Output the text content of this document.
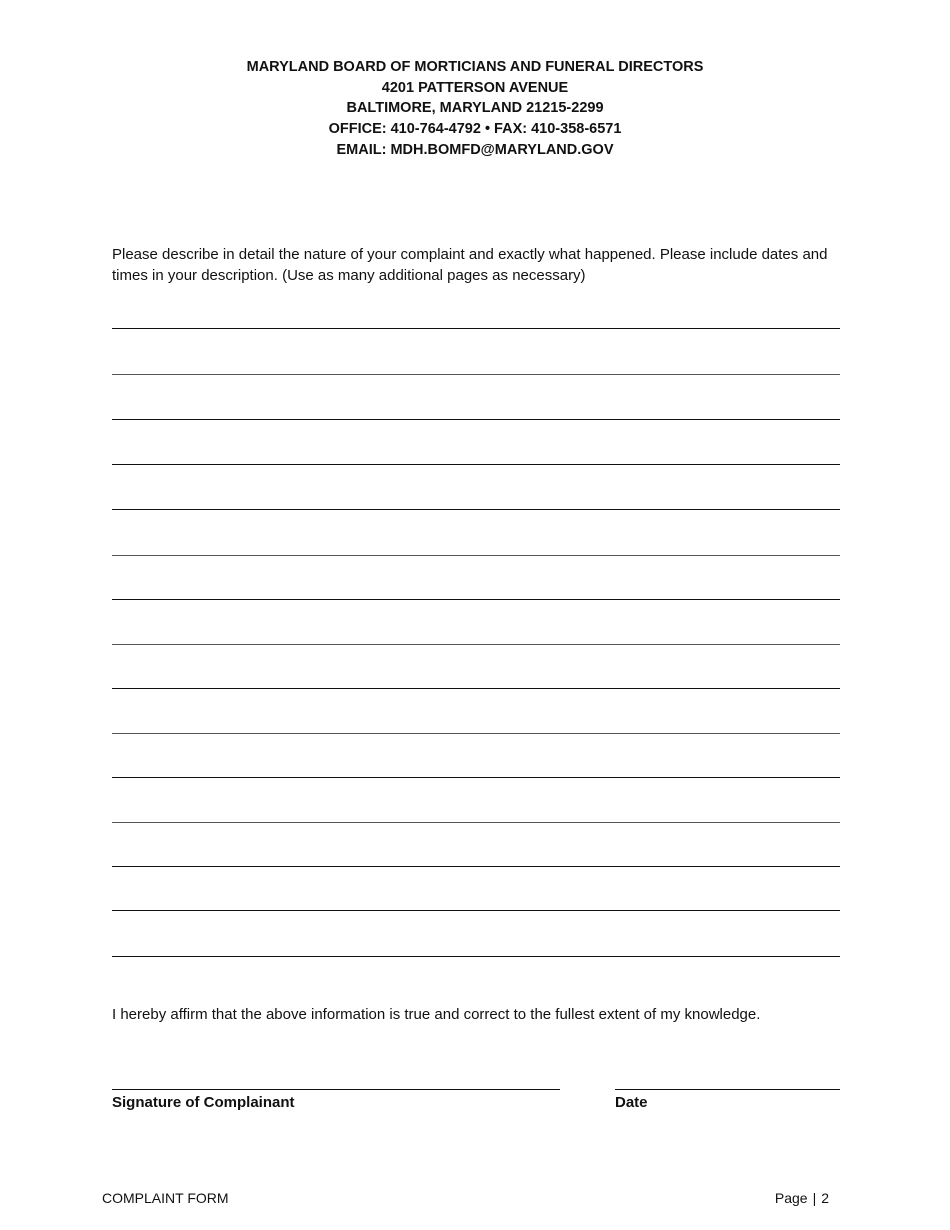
MARYLAND BOARD OF MORTICIANS AND FUNERAL DIRECTORS
4201 PATTERSON AVENUE
BALTIMORE, MARYLAND 21215-2299
OFFICE: 410-764-4792 • FAX: 410-358-6571
EMAIL: MDH.BOMFD@MARYLAND.GOV
Please describe in detail the nature of your complaint and exactly what happened. Please include dates and times in your description. (Use as many additional pages as necessary)
I hereby affirm that the above information is true and correct to the fullest extent of my knowledge.
Signature of Complainant	Date
COMPLAINT FORM	Page | 2
